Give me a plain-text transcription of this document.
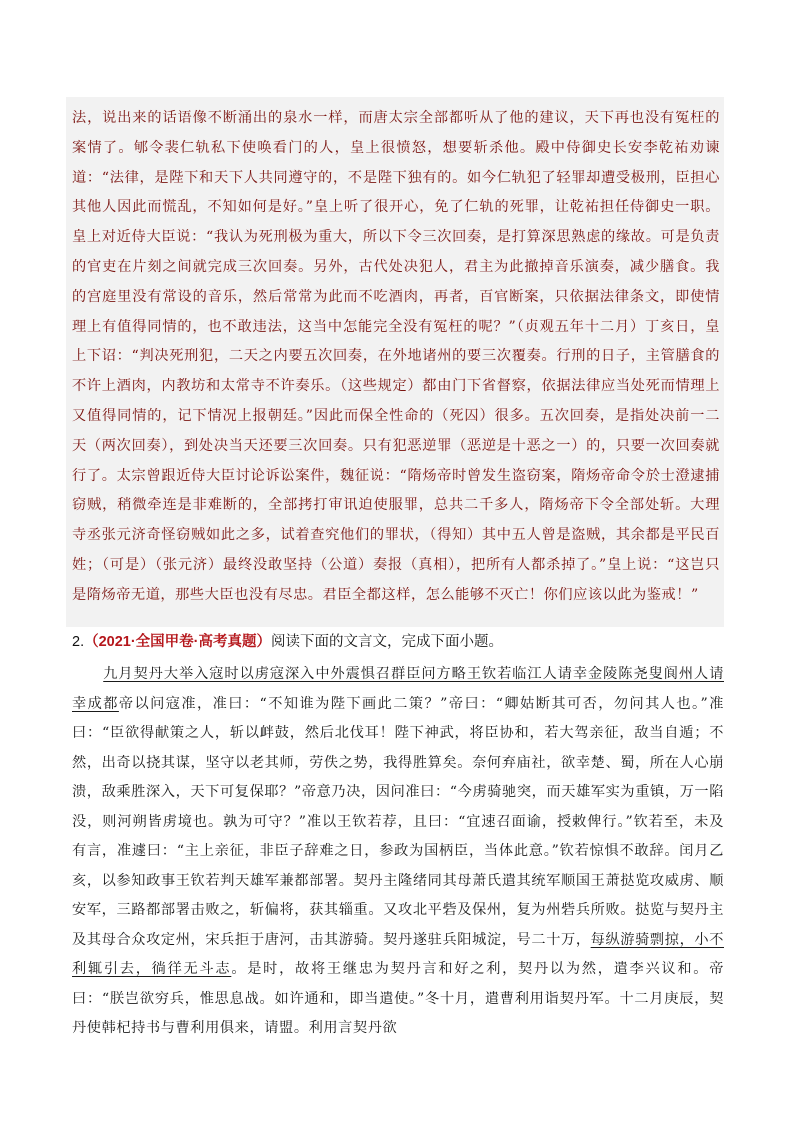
法，说出来的话语像不断涌出的泉水一样，而唐太宗全部都听从了他的建议，天下再也没有冤枉的案情了。郇令裴仁轨私下使唤看门的人，皇上很愤怒，想要斩杀他。殿中侍御史长安李乾祐劝谏道：“法律，是陛下和天下人共同遵守的，不是陛下独有的。如今仁轨犯了轻罪却遭受极刑，臣担心其他人因此而慌乱，不知如何是好。”皇上听了很开心，免了仁轨的死罪，让乾祐担任侍御史一职。皇上对近侍大臣说：“我认为死刑极为重大，所以下令三次回奏，是打算深思熟虑的缘故。可是负责的官吏在片刻之间就完成三次回奏。另外，古代处决犯人，君主为此撤掉音乐演奏，减少膳食。我的宫庭里没有常设的音乐，然后常常为此而不吃酒肉，再者，百官断案，只依据法律条文，即使情理上有值得同情的，也不敢违法，这当中怎能完全没有冤枉的呢？”（贞观五年十二月）丁亥日，皇上下诏：“判决死刑犯，二天之内要五次回奏，在外地诸州的要三次覆奏。行刑的日子，主管膳食的不许上酒肉，内教坊和太常寺不许奏乐。（这些规定）都由门下省督察，依据法律应当处死而情理上又值得同情的，记下情况上报朝廷。”因此而保全性命的（死囚）很多。五次回奏，是指处决前一二天（两次回奏），到处决当天还要三次回奏。只有犯恶逆罪（恶逆是十恶之一）的，只要一次回奏就行了。太宗曾跟近侍大臣讨论诉讼案件，魏征说：“隋炀帝时曾发生盗窃案，隋炀帝命令於士澄逮捕窃贼，稍微牵连是非难断的，全部拷打审讯迫使服罪，总共二千多人，隋炀帝下令全部处斩。大理寺丞张元济奇怪窃贼如此之多，试着查究他们的罪状，（得知）其中五人曾是盗贼，其余都是平民百姓；（可是）（张元济）最终没敢坚持（公道）奏报（真相），把所有人都杀掉了。”皇上说：“这岂只是隋炀帝无道，那些大臣也没有尽忠。君臣全都这样，怎么能够不灭亡！你们应该以此为鉴戒！”

2.（2021·全国甲卷·高考真题）阅读下面的文言文，完成下面小题。

九月契丹大举入寇时以虏寇深入中外震惧召群臣问方略王钦若临江人请幸金陵陈尧叟阆州人请幸成都帝以问寇准，准曰：“不知谁为陛下画此二策？”帝曰：“卿姑断其可否，勿问其人也。”准曰：“臣欲得献策之人，斩以衅鼓，然后北伐耳！陛下神武，将臣协和，若大驾亲征，敌当自遁；不然，出奇以挠其谋，坚守以老其师，劳佚之势，我得胜算矣。奈何弃庙社，欲幸楚、蜀，所在人心崩溃，敌乘胜深入，天下可复保耶？”帝意乃决，因问准曰：“今虏骑驰突，而天雄军实为重镇，万一陷没，则河朔皆虏境也。孰为可守？”准以王钦若荐，且曰：“宜速召面谕，授敕俾行。”钦若至，未及有言，准遽曰：“主上亲征，非臣子辞难之日，参政为国柄臣，当体此意。”钦若惊惧不敢辞。闰月乙亥，以参知政事王钦若判天雄军兼都部署。契丹主隆绪同其母萧氏遣其统军顺国王萧挞览攻威虏、顺安军，三路都部署击败之，斩偏将，获其辎重。又攻北平砦及保州，复为州砦兵所败。挞览与契丹主及其母合众攻定州，宋兵拒于唐河，击其游骑。契丹遂驻兵阳城淀，号二十万，每纵游骑剽掠，小不利辄引去，徜徉无斗志。是时，故将王继忠为契丹言和好之利，契丹以为然，遣李兴议和。帝曰：“朕岂欲穷兵，惟思息战。如许通和，即当遣使。”冬十月，遣曹利用诣契丹军。十二月庚辰，契丹使韩杞持书与曹利用俱来，请盟。利用言契丹欲
